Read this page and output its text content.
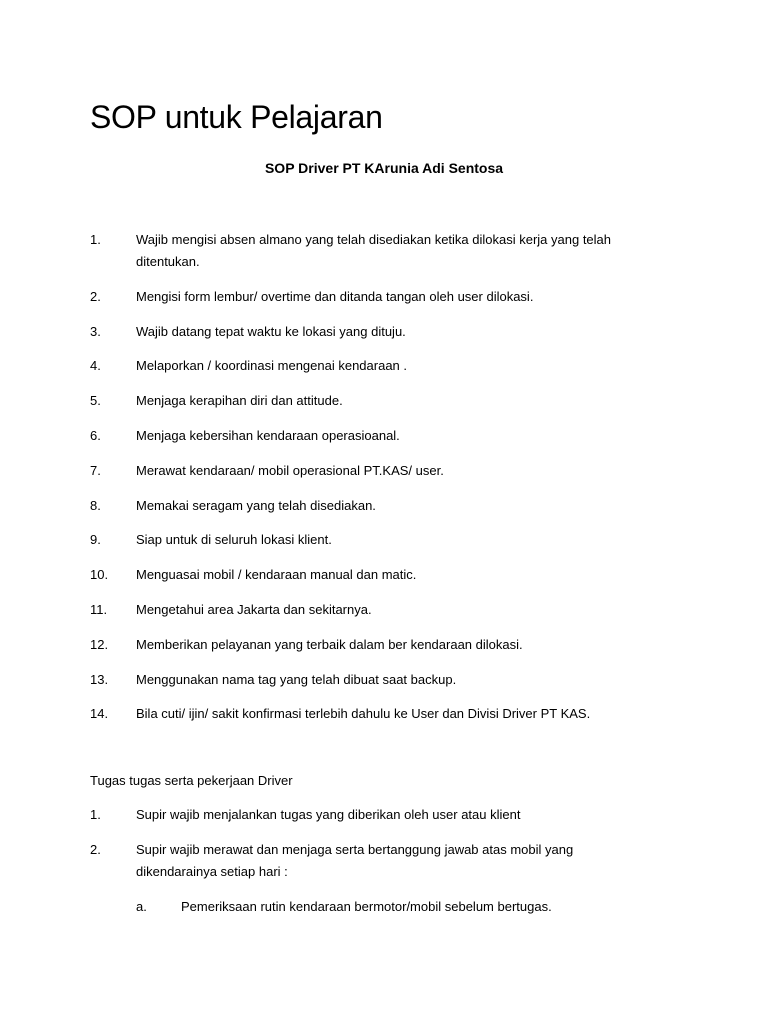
SOP untuk Pelajaran
SOP Driver PT KArunia Adi Sentosa
1.	Wajib mengisi absen almano yang telah disediakan ketika dilokasi kerja yang telah ditentukan.
2.	Mengisi form lembur/ overtime dan ditanda tangan oleh user dilokasi.
3.	Wajib datang tepat waktu ke lokasi yang dituju.
4.	Melaporkan / koordinasi mengenai kendaraan .
5.	Menjaga kerapihan diri dan attitude.
6.	Menjaga kebersihan kendaraan operasioanal.
7.	Merawat kendaraan/ mobil operasional PT.KAS/ user.
8.	Memakai seragam yang telah disediakan.
9.	Siap untuk di seluruh lokasi klient.
10.	Menguasai mobil / kendaraan manual dan matic.
11.	Mengetahui area Jakarta dan sekitarnya.
12.	Memberikan pelayanan yang terbaik dalam ber kendaraan dilokasi.
13.	Menggunakan nama tag yang telah dibuat saat backup.
14.	Bila cuti/ ijin/ sakit konfirmasi terlebih dahulu ke User dan Divisi Driver PT KAS.

Tugas tugas serta pekerjaan Driver

1.	Supir wajib menjalankan tugas yang diberikan oleh user atau klient
2.	Supir wajib merawat dan menjaga serta bertanggung jawab atas mobil yang dikendarainya setiap hari :
a.	Pemeriksaan rutin kendaraan bermotor/mobil sebelum bertugas.
